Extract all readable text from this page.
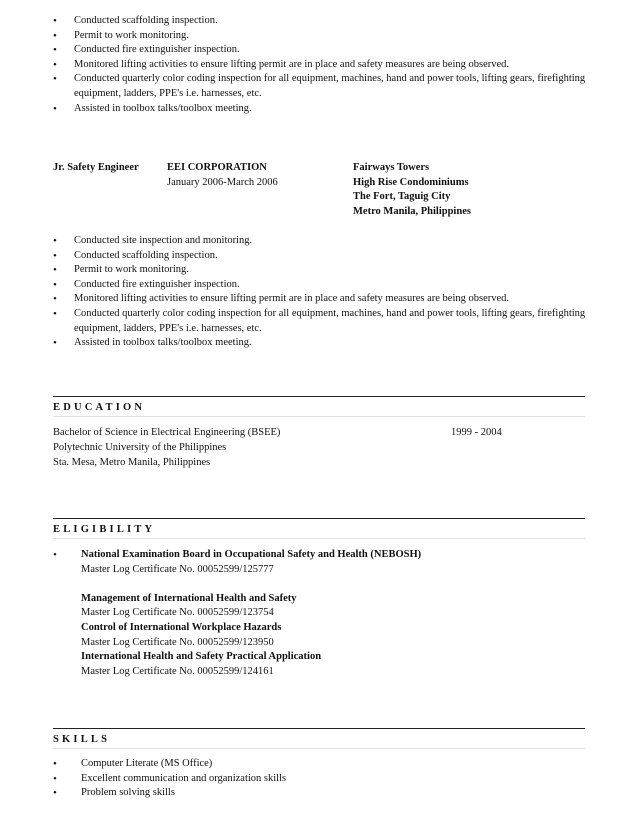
• Conducted scaffolding inspection.
• Permit to work monitoring.
• Conducted fire extinguisher inspection.
• Monitored lifting activities to ensure lifting permit are in place and safety measures are being observed.
• Conducted quarterly color coding inspection for all equipment, machines, hand and power tools, lifting gears, firefighting equipment, ladders, PPE's i.e. harnesses, etc.
• Assisted in toolbox talks/toolbox meeting.
Jr. Safety Engineer	EEI CORPORATION
January 2006-March 2006
Fairways Towers
High Rise Condominiums
The Fort, Taguig City
Metro Manila, Philippines
• Conducted site inspection and monitoring.
• Conducted scaffolding inspection.
• Permit to work monitoring.
• Conducted fire extinguisher inspection.
• Monitored lifting activities to ensure lifting permit are in place and safety measures are being observed.
• Conducted quarterly color coding inspection for all equipment, machines, hand and power tools, lifting gears, firefighting equipment, ladders, PPE's i.e. harnesses, etc.
• Assisted in toolbox talks/toolbox meeting.
EDUCATION
Bachelor of Science in Electrical Engineering (BSEE)	1999 - 2004
Polytechnic University of the Philippines
Sta. Mesa, Metro Manila, Philippines
ELIGIBILITY
• National Examination Board in Occupational Safety and Health (NEBOSH)
Master Log Certificate No. 00052599/125777
Management of International Health and Safety
Master Log Certificate No. 00052599/123754
Control of International Workplace Hazards
Master Log Certificate No. 00052599/123950
International Health and Safety Practical Application
Master Log Certificate No. 00052599/124161
SKILLS
• Computer Literate (MS Office)
• Excellent communication and organization skills
• Problem solving skills
